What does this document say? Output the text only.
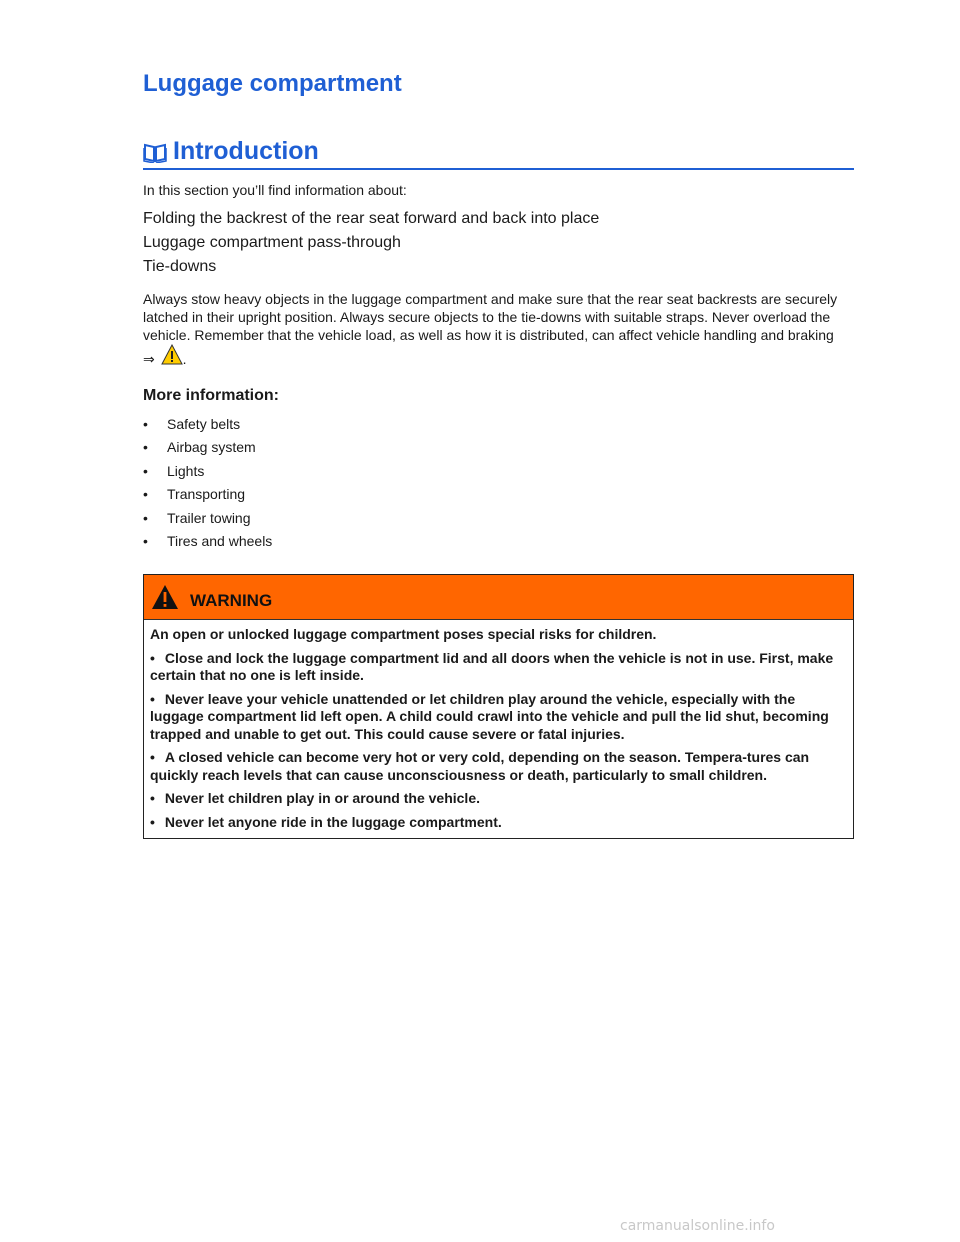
Luggage compartment
Introduction

In this section you’ll find information about:

Folding the backrest of the rear seat forward and back into place
Luggage compartment pass-through
Tie-downs

Always stow heavy objects in the luggage compartment and make sure that the rear seat backrests are securely latched in their upright position. Always secure objects to the tie-downs with suitable straps. Never overload the vehicle. Remember that the vehicle load, as well as how it is distributed, can affect vehicle handling and braking ⇒ .

More information:

• Safety belts
• Airbag system
• Lights
• Transporting
• Trailer towing
• Tires and wheels
WARNING

An open or unlocked luggage compartment poses special risks for children.

• Close and lock the luggage compartment lid and all doors when the vehicle is not in use. First, make certain that no one is left inside.

• Never leave your vehicle unattended or let children play around the vehicle, especially with the luggage compartment lid left open. A child could crawl into the vehicle and pull the lid shut, becoming trapped and unable to get out. This could cause severe or fatal injuries.

• A closed vehicle can become very hot or very cold, depending on the season. Tempera-tures can quickly reach levels that can cause unconsciousness or death, particularly to small children.

• Never let children play in or around the vehicle.

• Never let anyone ride in the luggage compartment.

carmanualsonline.info
